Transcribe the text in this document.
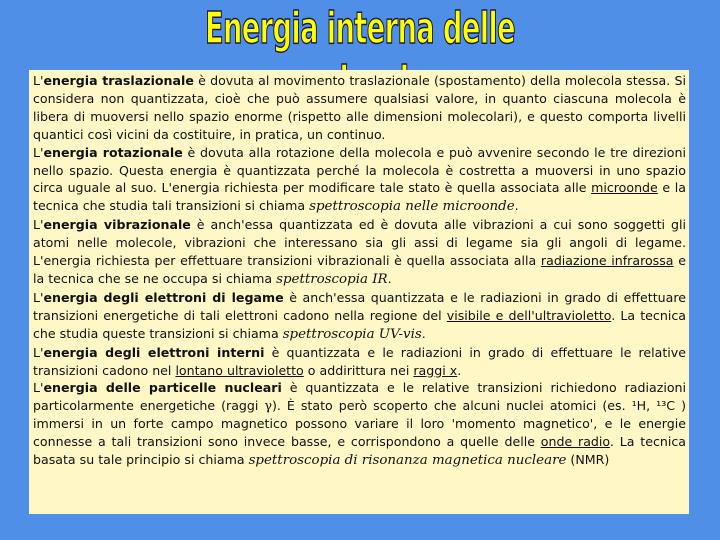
Energia interna delle

L'energia traslazionale è dovuta al movimento traslazionale (spostamento) della molecola stessa. Si considera non quantizzata, cioè che può assumere qualsiasi valore, in quanto ciascuna molecola è libera di muoversi nello spazio enorme (rispetto alle dimensioni molecolari), e questo comporta livelli quantici così vicini da costituire, in pratica, un continuo.

L'energia rotazionale è dovuta alla rotazione della molecola e può avvenire secondo le tre direzioni nello spazio. Questa energia è quantizzata perché la molecola è costretta a muoversi in uno spazio circa uguale al suo. L'energia richiesta per modificare tale stato è quella associata alle microonde e la tecnica che studia tali transizioni si chiama spettroscopia nelle microonde.

L'energia vibrazionale è anch'essa quantizzata ed è dovuta alle vibrazioni a cui sono soggetti gli atomi nelle molecole, vibrazioni che interessano sia gli assi di legame sia gli angoli di legame. L'energia richiesta per effettuare transizioni vibrazionali è quella associata alla radiazione infrarossa e la tecnica che se ne occupa si chiama spettroscopia IR.

L'energia degli elettroni di legame è anch'essa quantizzata e le radiazioni in grado di effettuare transizioni energetiche di tali elettroni cadono nella regione del visibile e dell'ultravioletto. La tecnica che studia queste transizioni si chiama spettroscopia UV-vis.

L'energia degli elettroni interni è quantizzata e le radiazioni in grado di effettuare le relative transizioni cadono nel lontano ultravioletto o addirittura nei raggi x.

L'energia delle particelle nucleari è quantizzata e le relative transizioni richiedono radiazioni particolarmente energetiche (raggi γ). È stato però scoperto che alcuni nuclei atomici (es. ¹H, ¹³C ) immersi in un forte campo magnetico possono variare il loro 'momento magnetico', e le energie connesse a tali transizioni sono invece basse, e corrispondono a quelle delle onde radio. La tecnica basata su tale principio si chiama spettroscopia di risonanza magnetica nucleare (NMR)
